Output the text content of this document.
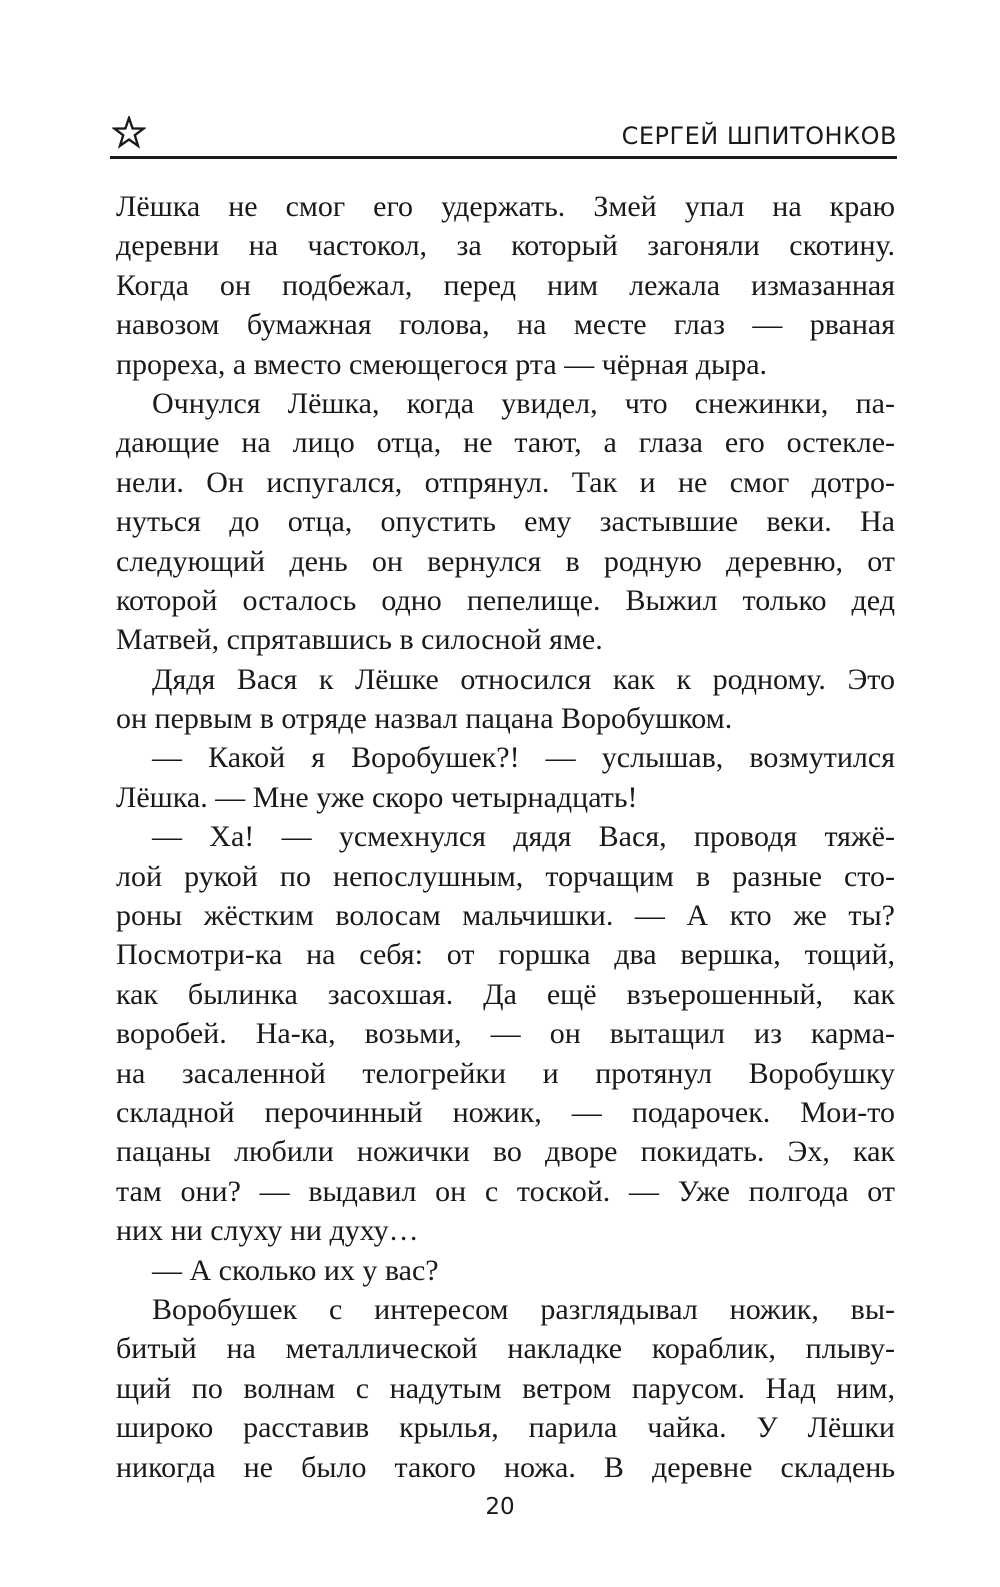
СЕРГЕЙ ШПИТОНКОВ
Лёшка не смог его удержать. Змей упал на краю
деревни на частокол, за который загоняли скотину.
Когда он подбежал, перед ним лежала измазанная
навозом бумажная голова, на месте глаз — рваная
прореха, а вместо смеющегося рта — чёрная дыра.
Очнулся Лёшка, когда увидел, что снежинки, па-
дающие на лицо отца, не тают, а глаза его остекле-
нели. Он испугался, отпрянул. Так и не смог дотро-
нуться до отца, опустить ему застывшие веки. На
следующий день он вернулся в родную деревню, от
которой осталось одно пепелище. Выжил только дед
Матвей, спрятавшись в силосной яме.
Дядя Вася к Лёшке относился как к родному. Это
он первым в отряде назвал пацана Воробушком.
— Какой я Воробушек?! — услышав, возмутился
Лёшка. — Мне уже скоро четырнадцать!
— Ха! — усмехнулся дядя Вася, проводя тяжё-
лой рукой по непослушным, торчащим в разные сто-
роны жёстким волосам мальчишки. — А кто же ты?
Посмотри-ка на себя: от горшка два вершка, тощий,
как былинка засохшая. Да ещё взъерошенный, как
воробей. На-ка, возьми, — он вытащил из карма-
на засаленной телогрейки и протянул Воробушку
складной перочинный ножик, — подарочек. Мои-то
пацаны любили ножички во дворе покидать. Эх, как
там они? — выдавил он с тоской. — Уже полгода от
них ни слуху ни духу…
— А сколько их у вас?
Воробушек с интересом разглядывал ножик, вы-
битый на металлической накладке кораблик, плыву-
щий по волнам с надутым ветром парусом. Над ним,
широко расставив крылья, парила чайка. У Лёшки
никогда не было такого ножа. В деревне складень
20
